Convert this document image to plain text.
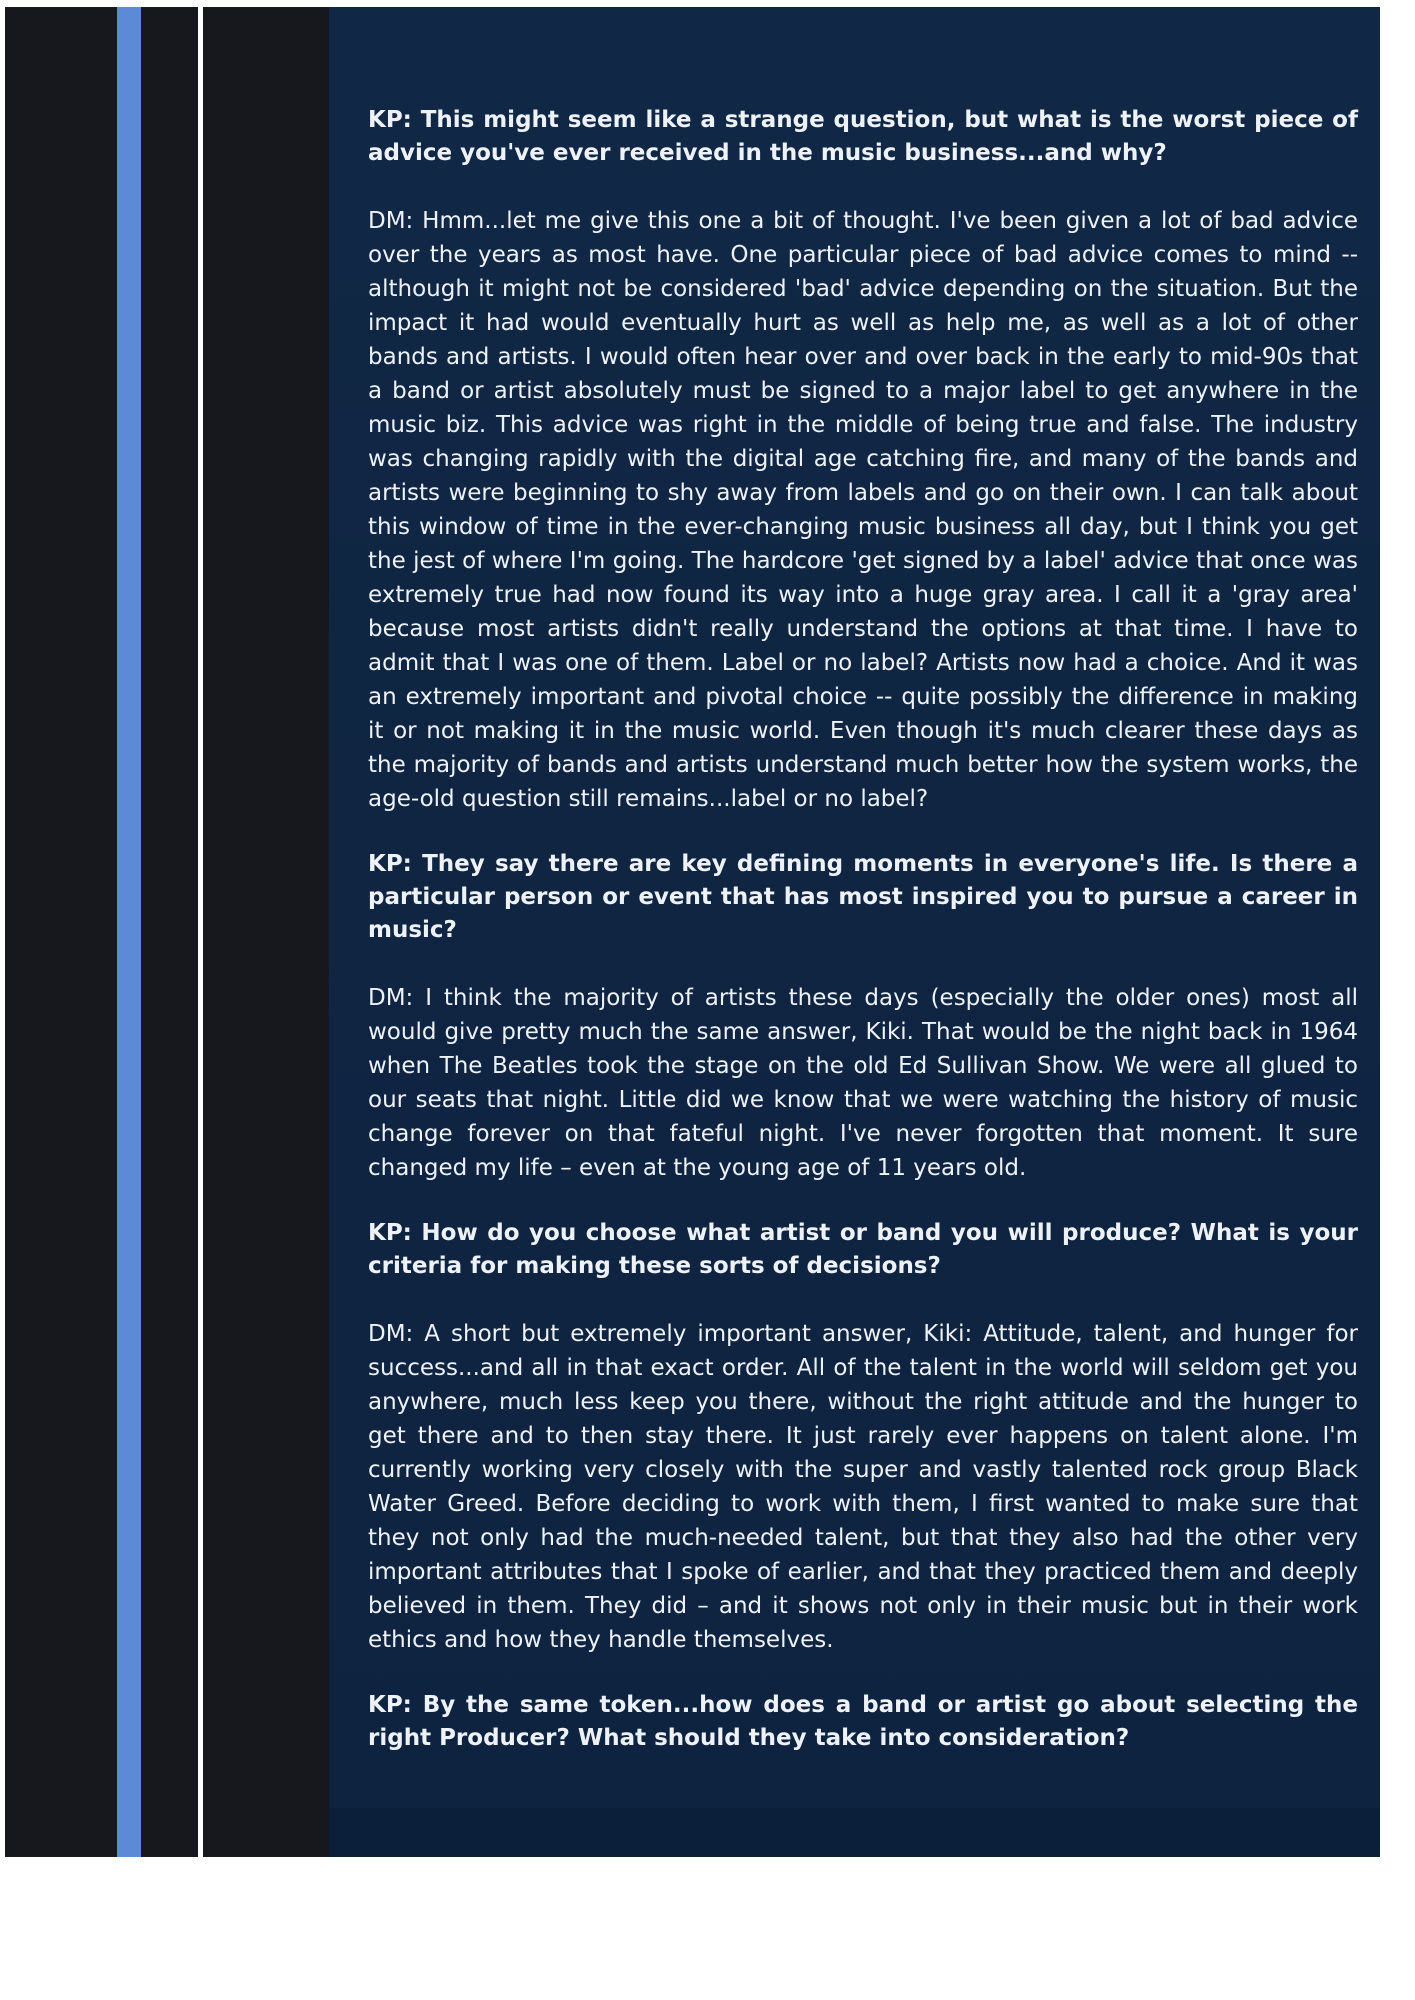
KP: This might seem like a strange question, but what is the worst piece of advice you've ever received in the music business...and why?

DM: Hmm...let me give this one a bit of thought. I've been given a lot of bad advice over the years as most have. One particular piece of bad advice comes to mind -- although it might not be considered 'bad' advice depending on the situation. But the impact it had would eventually hurt as well as help me, as well as a lot of other bands and artists. I would often hear over and over back in the early to mid-90s that a band or artist absolutely must be signed to a major label to get anywhere in the music biz. This advice was right in the middle of being true and false. The industry was changing rapidly with the digital age catching fire, and many of the bands and artists were beginning to shy away from labels and go on their own. I can talk about this window of time in the ever-changing music business all day, but I think you get the jest of where I'm going. The hardcore 'get signed by a label' advice that once was extremely true had now found its way into a huge gray area. I call it a 'gray area' because most artists didn't really understand the options at that time. I have to admit that I was one of them. Label or no label? Artists now had a choice. And it was an extremely important and pivotal choice -- quite possibly the difference in making it or not making it in the music world. Even though it's much clearer these days as the majority of bands and artists understand much better how the system works, the age-old question still remains...label or no label?

KP: They say there are key defining moments in everyone's life. Is there a particular person or event that has most inspired you to pursue a career in music?

DM: I think the majority of artists these days (especially the older ones) most all would give pretty much the same answer, Kiki. That would be the night back in 1964 when The Beatles took the stage on the old Ed Sullivan Show. We were all glued to our seats that night. Little did we know that we were watching the history of music change forever on that fateful night. I've never forgotten that moment. It sure changed my life – even at the young age of 11 years old.

KP: How do you choose what artist or band you will produce? What is your criteria for making these sorts of decisions?

DM: A short but extremely important answer, Kiki: Attitude, talent, and hunger for success...and all in that exact order. All of the talent in the world will seldom get you anywhere, much less keep you there, without the right attitude and the hunger to get there and to then stay there. It just rarely ever happens on talent alone. I'm currently working very closely with the super and vastly talented rock group Black Water Greed. Before deciding to work with them, I first wanted to make sure that they not only had the much-needed talent, but that they also had the other very important attributes that I spoke of earlier, and that they practiced them and deeply believed in them. They did – and it shows not only in their music but in their work ethics and how they handle themselves.

KP: By the same token...how does a band or artist go about selecting the right Producer? What should they take into consideration?
